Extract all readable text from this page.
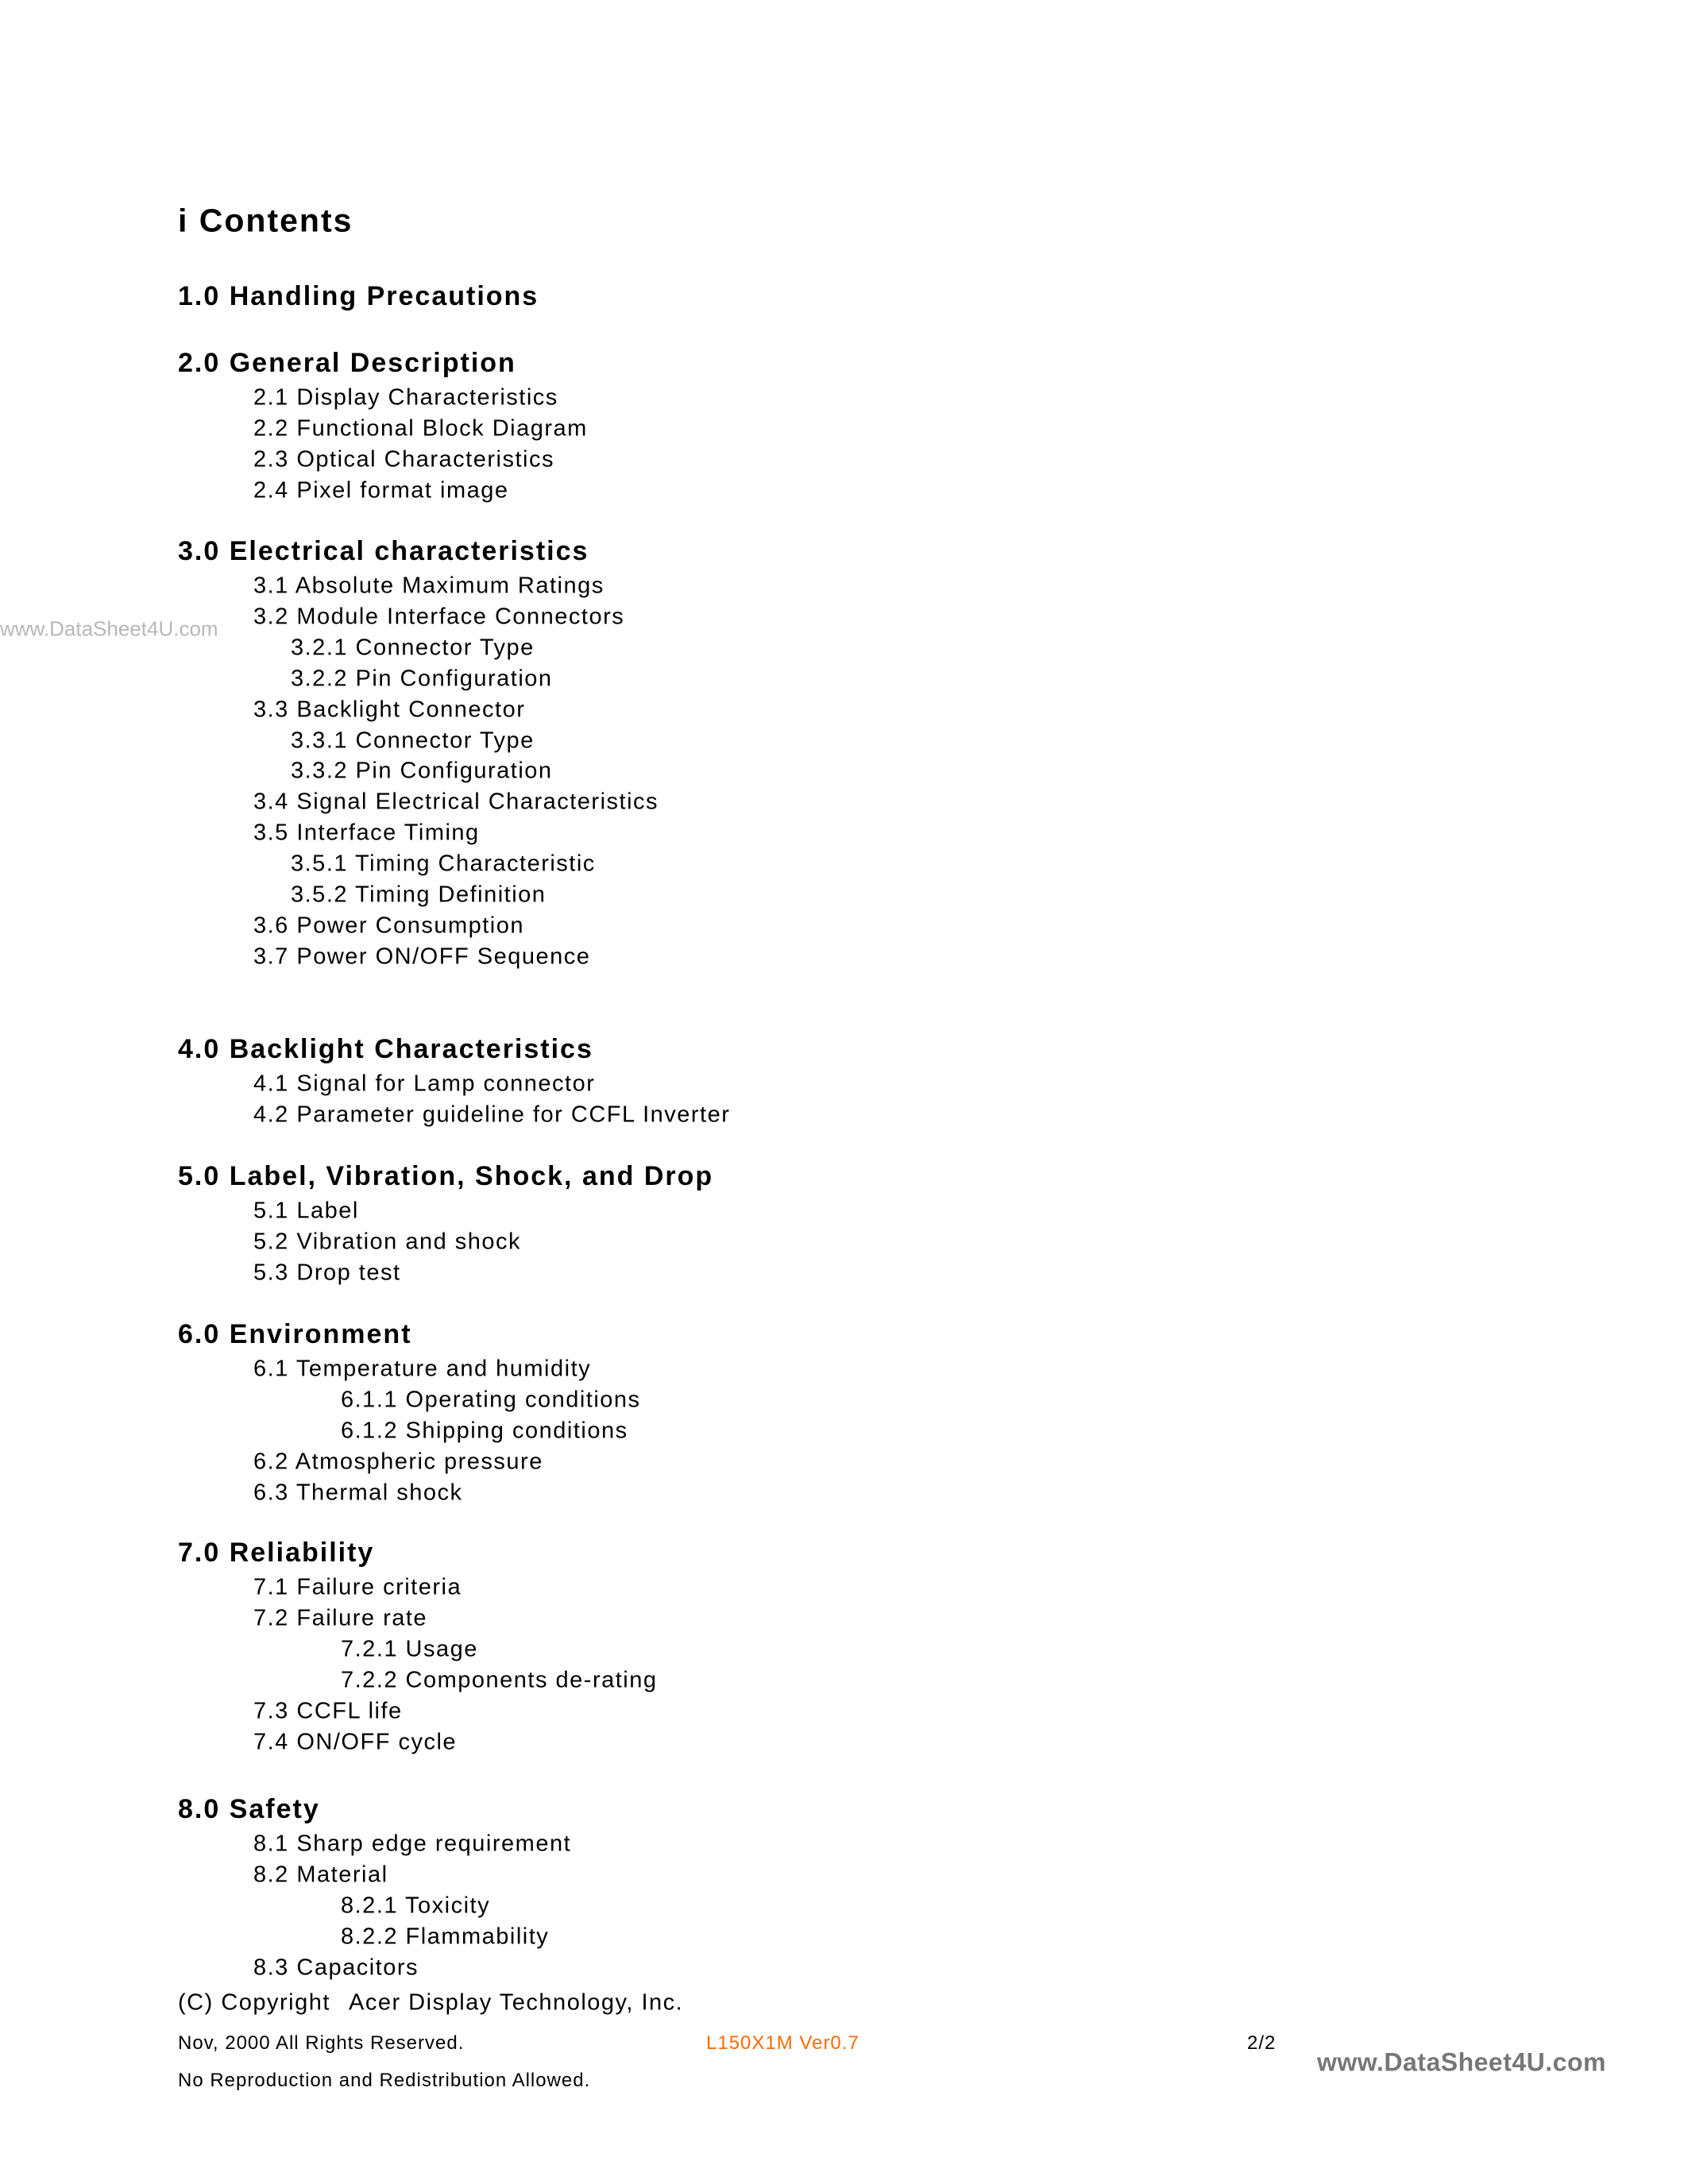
i Contents
1.0 Handling Precautions
2.0 General Description
2.1 Display Characteristics
2.2 Functional Block Diagram
2.3 Optical Characteristics
2.4 Pixel format image
3.0 Electrical characteristics
3.1 Absolute Maximum Ratings
3.2 Module Interface Connectors
3.2.1 Connector Type
3.2.2 Pin Configuration
3.3 Backlight Connector
3.3.1 Connector Type
3.3.2 Pin Configuration
3.4 Signal Electrical Characteristics
3.5 Interface Timing
3.5.1 Timing Characteristic
3.5.2 Timing Definition
3.6 Power Consumption
3.7 Power ON/OFF Sequence
4.0 Backlight Characteristics
4.1 Signal for Lamp connector
4.2 Parameter guideline for CCFL Inverter
5.0 Label, Vibration, Shock, and Drop
5.1 Label
5.2 Vibration and shock
5.3 Drop test
6.0 Environment
6.1 Temperature and humidity
6.1.1 Operating conditions
6.1.2 Shipping conditions
6.2 Atmospheric pressure
6.3 Thermal shock
7.0 Reliability
7.1 Failure criteria
7.2 Failure rate
7.2.1 Usage
7.2.2 Components de-rating
7.3 CCFL life
7.4 ON/OFF cycle
8.0 Safety
8.1 Sharp edge requirement
8.2 Material
8.2.1 Toxicity
8.2.2 Flammability
8.3 Capacitors
www.DataSheet4U.com
(C) Copyright Acer Display Technology, Inc.
Nov, 2000 All Rights Reserved.	L150X1M Ver0.7	2/2
No Reproduction and Redistribution Allowed.
www.DataSheet4U.com
